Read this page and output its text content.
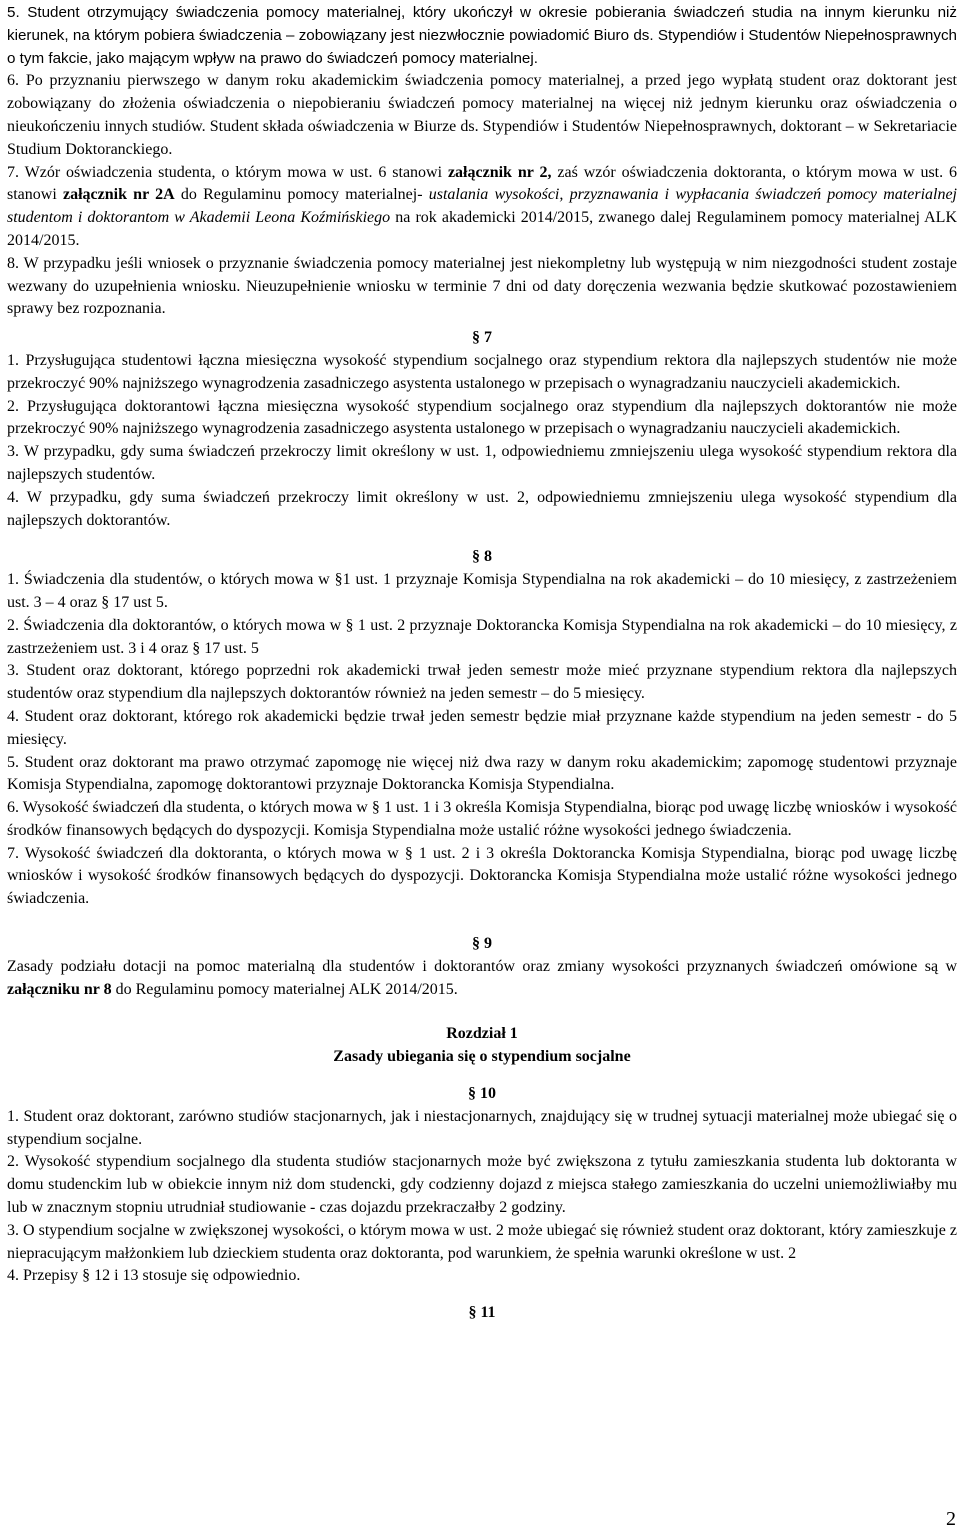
5. Student otrzymujący świadczenia pomocy materialnej, który ukończył w okresie pobierania świadczeń studia na innym kierunku niż kierunek, na którym pobiera świadczenia – zobowiązany jest niezwłocznie powiadomić Biuro ds. Stypendiów i Studentów Niepełnosprawnych o tym fakcie, jako mającym wpływ na prawo do świadczeń pomocy materialnej.

6. Po przyznaniu pierwszego w danym roku akademickim świadczenia pomocy materialnej, a przed jego wypłatą student oraz doktorant jest zobowiązany do złożenia oświadczenia o niepobieraniu świadczeń pomocy materialnej na więcej niż jednym kierunku oraz oświadczenia o nieukończeniu innych studiów. Student składa oświadczenia w Biurze ds. Stypendiów i Studentów Niepełnosprawnych, doktorant – w Sekretariacie Studium Doktoranckiego.

7. Wzór oświadczenia studenta, o którym mowa w ust. 6 stanowi załącznik nr 2, zaś wzór oświadczenia doktoranta, o którym mowa w ust. 6 stanowi załącznik nr 2A do Regulaminu pomocy materialnej- ustalania wysokości, przyznawania i wypłacania świadczeń pomocy materialnej studentom i doktorantom w Akademii Leona Koźmińskiego na rok akademicki 2014/2015, zwanego dalej Regulaminem pomocy materialnej ALK 2014/2015.

8. W przypadku jeśli wniosek o przyznanie świadczenia pomocy materialnej jest niekompletny lub występują w nim niezgodności student zostaje wezwany do uzupełnienia wniosku. Nieuzupełnienie wniosku w terminie 7 dni od daty doręczenia wezwania będzie skutkować pozostawieniem sprawy bez rozpoznania.

§ 7

1. Przysługująca studentowi łączna miesięczna wysokość stypendium socjalnego oraz stypendium rektora dla najlepszych studentów nie może przekroczyć 90% najniższego wynagrodzenia zasadniczego asystenta ustalonego w przepisach o wynagradzaniu nauczycieli akademickich.

2. Przysługująca doktorantowi łączna miesięczna wysokość stypendium socjalnego oraz stypendium dla najlepszych doktorantów nie może przekroczyć 90% najniższego wynagrodzenia zasadniczego asystenta ustalonego w przepisach o wynagradzaniu nauczycieli akademickich.

3. W przypadku, gdy suma świadczeń przekroczy limit określony w ust. 1, odpowiedniemu zmniejszeniu ulega wysokość stypendium rektora dla najlepszych studentów.

4. W przypadku, gdy suma świadczeń przekroczy limit określony w ust. 2, odpowiedniemu zmniejszeniu ulega wysokość stypendium dla najlepszych doktorantów.

§ 8

1. Świadczenia dla studentów, o których mowa w §1 ust. 1 przyznaje Komisja Stypendialna na rok akademicki – do 10 miesięcy, z zastrzeżeniem ust. 3 – 4 oraz § 17 ust 5.

2. Świadczenia dla doktorantów, o których mowa w § 1 ust. 2 przyznaje Doktorancka Komisja Stypendialna na rok akademicki – do 10 miesięcy, z zastrzeżeniem ust. 3 i 4 oraz § 17 ust. 5

3. Student oraz doktorant, którego poprzedni rok akademicki trwał jeden semestr może mieć przyznane stypendium rektora dla najlepszych studentów oraz stypendium dla najlepszych doktorantów również na jeden semestr – do 5 miesięcy.

4. Student oraz doktorant, którego rok akademicki będzie trwał jeden semestr będzie miał przyznane każde stypendium na jeden semestr - do 5 miesięcy.

5. Student oraz doktorant ma prawo otrzymać zapomogę nie więcej niż dwa razy w danym roku akademickim; zapomogę studentowi przyznaje Komisja Stypendialna, zapomogę doktorantowi przyznaje Doktorancka Komisja Stypendialna.

6. Wysokość świadczeń dla studenta, o których mowa w § 1 ust. 1 i 3 określa Komisja Stypendialna, biorąc pod uwagę liczbę wniosków i wysokość środków finansowych będących do dyspozycji. Komisja Stypendialna może ustalić różne wysokości jednego świadczenia.

7. Wysokość świadczeń dla doktoranta, o których mowa w § 1 ust. 2 i 3 określa Doktorancka Komisja Stypendialna, biorąc pod uwagę liczbę wniosków i wysokość środków finansowych będących do dyspozycji. Doktorancka Komisja Stypendialna może ustalić różne wysokości jednego świadczenia.

§ 9

Zasady podziału dotacji na pomoc materialną dla studentów i doktorantów oraz zmiany wysokości przyznanych świadczeń omówione są w załączniku nr 8 do Regulaminu pomocy materialnej ALK 2014/2015.

Rozdział 1

Zasady ubiegania się o stypendium socjalne

§ 10

1. Student oraz doktorant, zarówno studiów stacjonarnych, jak i niestacjonarnych, znajdujący się w trudnej sytuacji materialnej może ubiegać się o stypendium socjalne.

2. Wysokość stypendium socjalnego dla studenta studiów stacjonarnych może być zwiększona z tytułu zamieszkania studenta lub doktoranta w domu studenckim lub w obiekcie innym niż dom studencki, gdy codzienny dojazd z miejsca stałego zamieszkania do uczelni uniemożliwiałby mu lub w znacznym stopniu utrudniał studiowanie - czas dojazdu przekraczałby 2 godziny.

3. O stypendium socjalne w zwiększonej wysokości, o którym mowa w ust. 2 może ubiegać się również student oraz doktorant, który zamieszkuje z niepracującym małżonkiem lub dzieckiem studenta oraz doktoranta, pod warunkiem, że spełnia warunki określone w ust. 2

4. Przepisy § 12 i 13 stosuje się odpowiednio.

§ 11

2
